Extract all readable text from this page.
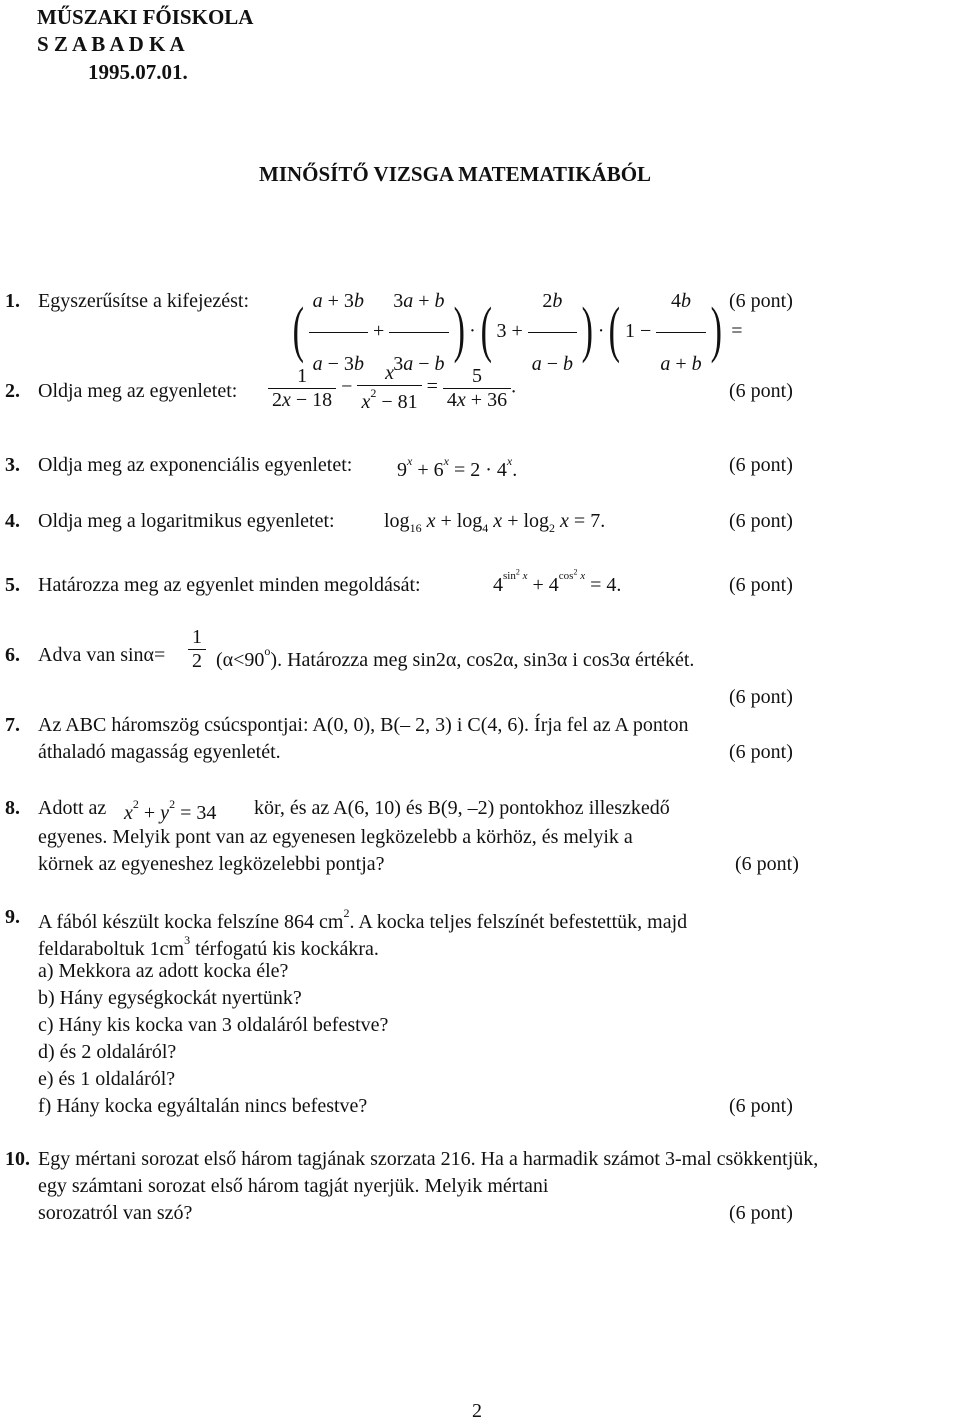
MŰSZAKI FŐISKOLA
S Z A B A D K A
1995.07.01.
MINŐSÍTŐ VIZSGA MATEMATIKÁBÓL
1. Egyszerűsítse a kifejezést: ( $\frac{a + 3b}{a - 3b} + \frac{3a + b}{3a - b}$ ) ·( $3 + \frac{2b}{a - b}$ ) ·( $1 - \frac{4b}{a + b}$ ) =
(6 pont)
2. Oldja meg az egyenletet: $\frac{1}{2x - 18} - \frac{x}{x^2 - 81} = \frac{5}{4x + 36}$ .	(6 pont)
3. Oldja meg az exponenciális egyenletet: $9^x + 6^x = 2 \cdot 4^x$.	(6 pont)
4. Oldja meg a logaritmikus egyenletet: $\log_{16} x + \log_4 x + \log_2 x = 7$.	(6 pont)
5. Határozza meg az egyenlet minden megoldását:	$4^{sin^2 x} + 4^{cos^2 x} = 4$.	(6 pont)
6. Adva van $\sin\alpha= \frac{1}{2} (\alpha<90^o)$. Határozza meg sin2α, cos2α, sin3α i cos3α értékét.
(6 pont)
7. Az ABC háromszög csúcspontjai: A(0, 0), B(– 2, 3) i C(4, 6). Írja fel az A ponton
áthaladó magasság egyenletét.	(6 pont)
8. Adott az $x^2 + y^2 = 34$ kör, és az A(6, 10) és B(9, –2) pontokhoz illeszkedő
egyenes. Melyik pont van az egyenesen legközelebb a körhöz, és melyik a
körnek az egyeneshez legközelebbi pontja?	(6 pont)
9. A fából készült kocka felszíne 864 $cm^2$. A kocka teljes felszínét befestettük, majd
feldaraboltuk $1cm^3$ térfogatú kis kockákra.
a) Mekkora az adott kocka éle?
b) Hány egységkockát nyertünk?
c) Hány kis kocka van 3 oldaláról befestve?
d) és 2 oldaláról?
e) és 1 oldaláról?
f) Hány kocka egyáltalán nincs befestve?	(6 pont)
10. Egy mértani sorozat első három tagjának szorzata 216. Ha a harmadik számot 3-mal csökkentjük,
egy számtani sorozat első három tagját nyerjük. Melyik mértani
sorozatról van szó?	(6 pont)
2
